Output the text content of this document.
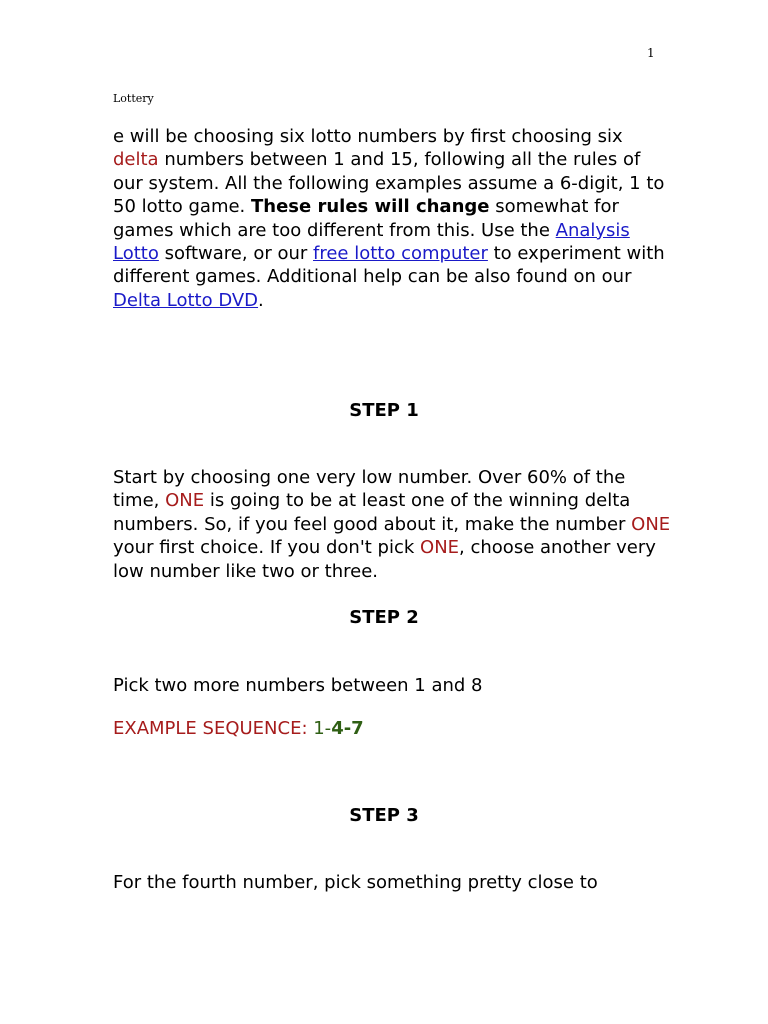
1
Lottery
e will be choosing six lotto numbers by first choosing six delta numbers between 1 and 15, following all the rules of our system. All the following examples assume a 6-digit, 1 to 50 lotto game. These rules will change somewhat for games which are too different from this. Use the Analysis Lotto software, or our free lotto computer to experiment with different games. Additional help can be also found on our Delta Lotto DVD.
STEP 1
Start by choosing one very low number. Over 60% of the time, ONE is going to be at least one of the winning delta numbers. So, if you feel good about it, make the number ONE your first choice. If you don't pick ONE, choose another very low number like two or three.
STEP 2
Pick two more numbers between 1 and 8
EXAMPLE SEQUENCE: 1-4-7
STEP 3
For the fourth number, pick something pretty close to
